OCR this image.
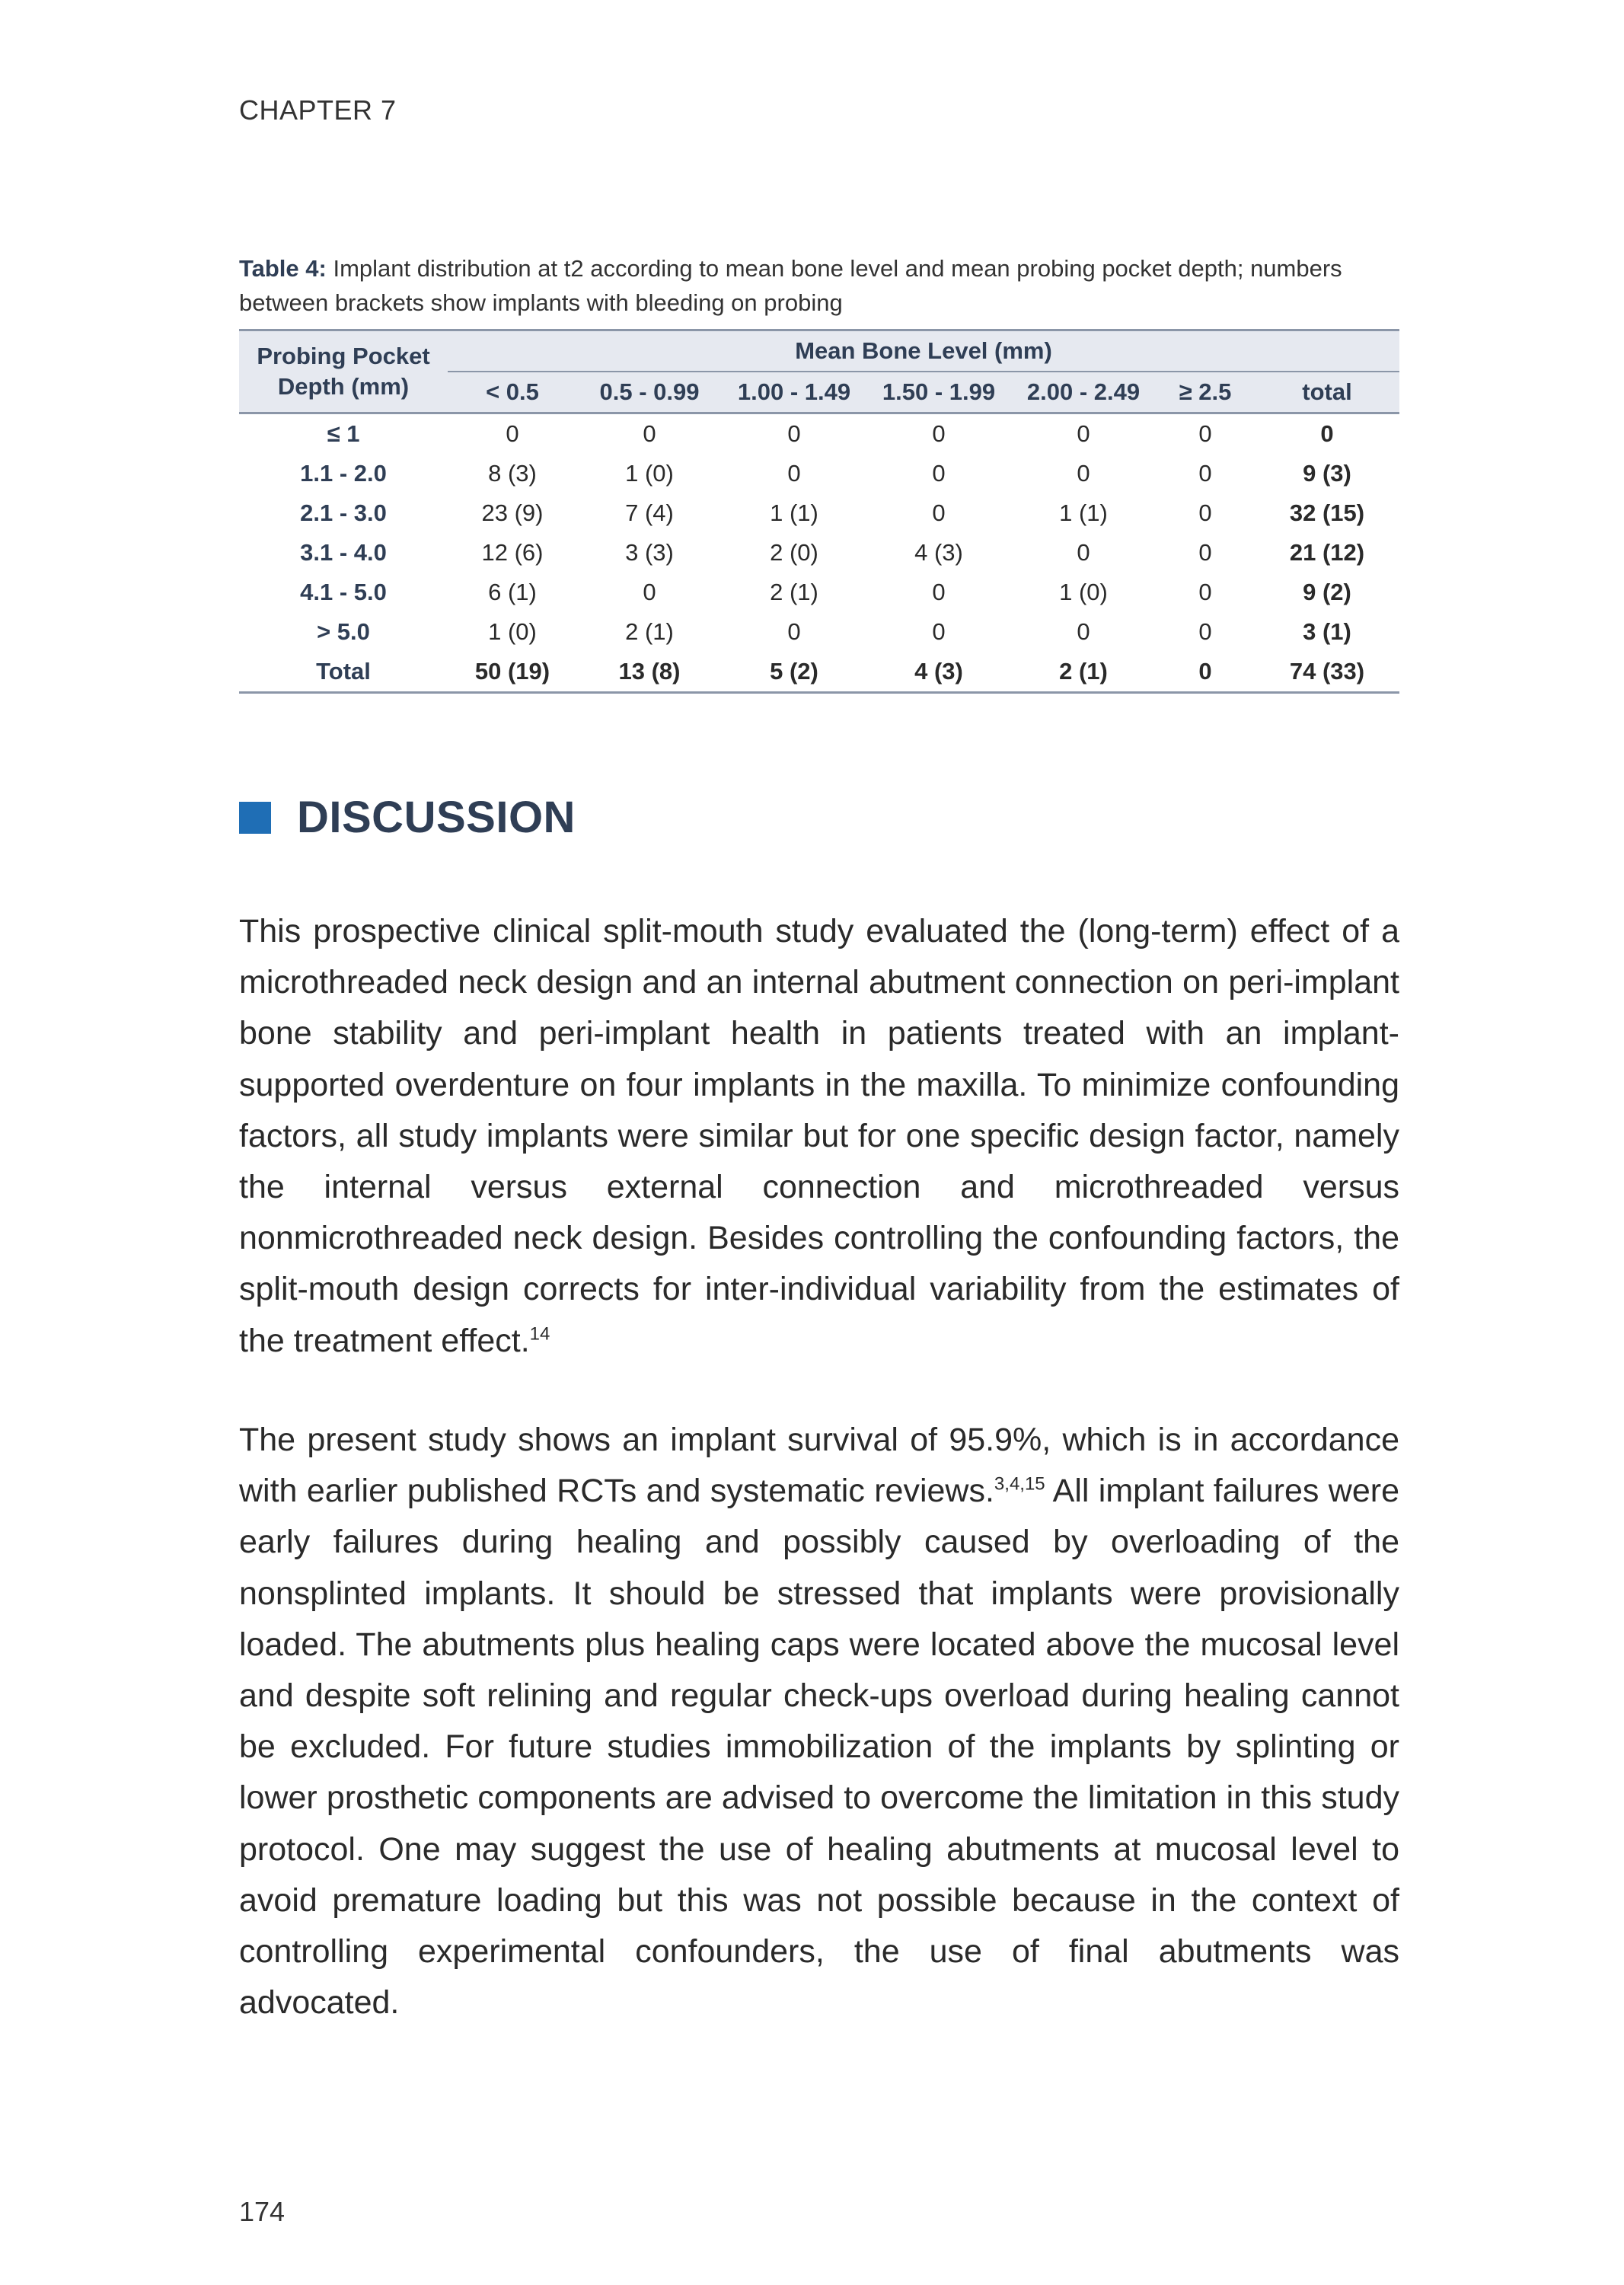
CHAPTER 7
Table 4: Implant distribution at t2 according to mean bone level and mean probing pocket depth; numbers between brackets show implants with bleeding on probing
Probing Pocket Depth (mm)	Mean Bone Level (mm)						
	< 0.5	0.5 - 0.99	1.00 - 1.49	1.50 - 1.99	2.00 - 2.49	≥ 2.5	total
≤ 1	0	0	0	0	0	0	0
1.1 - 2.0	8 (3)	1 (0)	0	0	0	0	9 (3)
2.1 - 3.0	23 (9)	7 (4)	1 (1)	0	1 (1)	0	32 (15)
3.1 - 4.0	12 (6)	3 (3)	2 (0)	4 (3)	0	0	21 (12)
4.1 - 5.0	6 (1)	0	2 (1)	0	1 (0)	0	9 (2)
> 5.0	1 (0)	2 (1)	0	0	0	0	3 (1)
Total	50 (19)	13 (8)	5 (2)	4 (3)	2 (1)	0	74 (33)
DISCUSSION

This prospective clinical split-mouth study evaluated the (long-term) effect of a microthreaded neck design and an internal abutment connection on peri-implant bone stability and peri-implant health in patients treated with an implant-supported overdenture on four implants in the maxilla. To minimize confounding factors, all study implants were similar but for one specific design factor, namely the internal versus external connection and microthreaded versus nonmicrothreaded neck design. Besides controlling the confounding factors, the split-mouth design corrects for inter-individual variability from the estimates of the treatment effect.$^{14}$

The present study shows an implant survival of 95.9%, which is in accordance with earlier published RCTs and systematic reviews.$^{3,4,15}$ All implant failures were early failures during healing and possibly caused by overloading of the nonsplinted implants. It should be stressed that implants were provisionally loaded. The abutments plus healing caps were located above the mucosal level and despite soft relining and regular check-ups overload during healing cannot be excluded. For future studies immobilization of the implants by splinting or lower prosthetic components are advised to overcome the limitation in this study protocol. One may suggest the use of healing abutments at mucosal level to avoid premature loading but this was not possible because in the context of controlling experimental confounders, the use of final abutments was advocated.

174
